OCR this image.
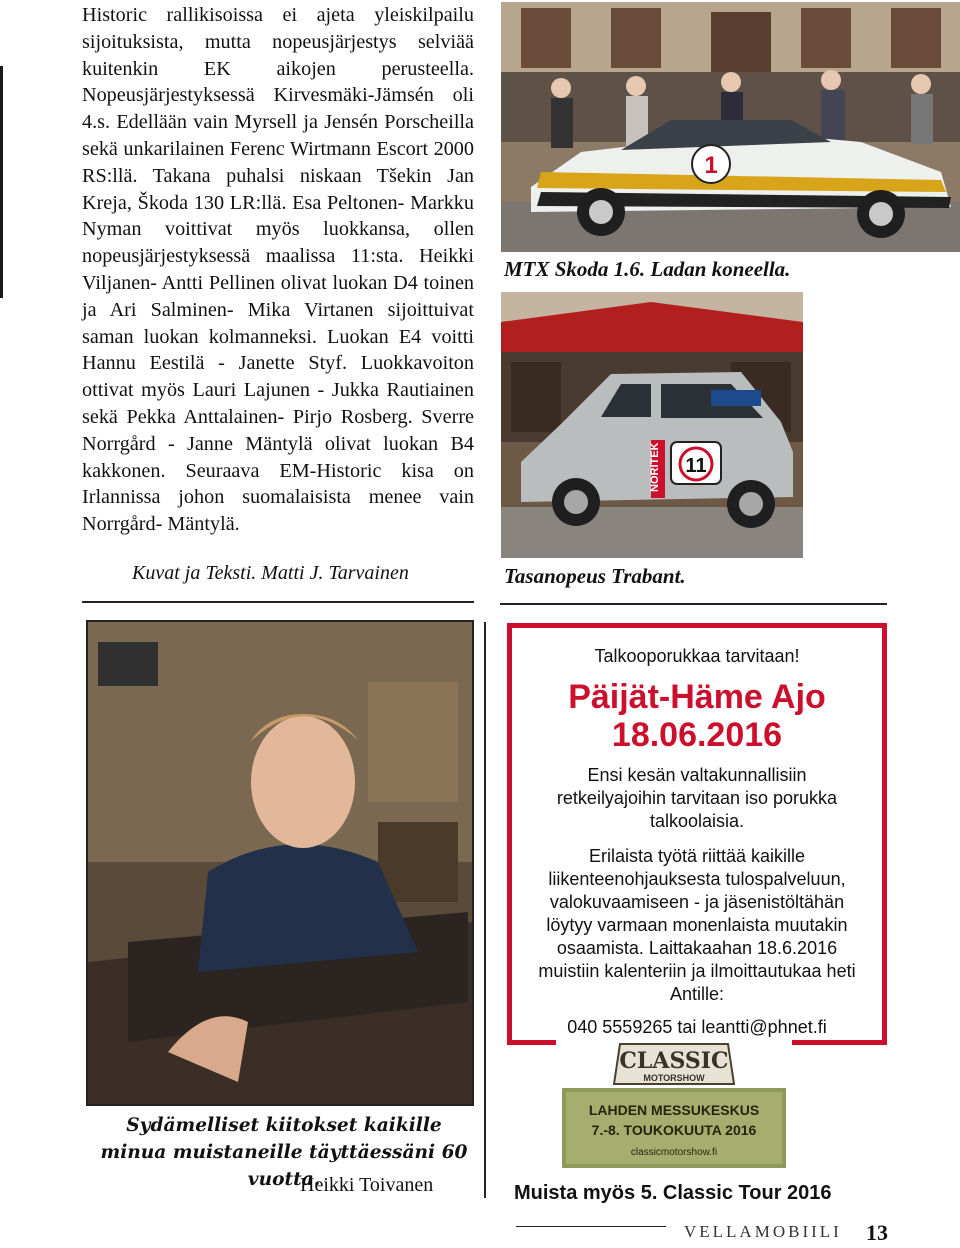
Historic rallikisoissa ei ajeta yleiskilpailu sijoituksista, mutta nopeusjärjestys selviää kuitenkin EK aikojen perusteella. Nopeusjärjestyksessä Kirvesmäki-Jämsén oli 4.s. Edellään vain Myrsell ja Jensén Porscheilla sekä unkarilainen Ferenc Wirtmann Escort 2000 RS:llä. Takana puhalsi niskaan Tšekin Jan Kreja, Škoda 130 LR:llä. Esa Peltonen- Markku Nyman voittivat myös luokkansa, ollen nopeusjärjestyksessä maalissa 11:sta. Heikki Viljanen- Antti Pellinen olivat luokan D4 toinen ja Ari Salminen- Mika Virtanen sijoittuivat saman luokan kolmanneksi. Luokan E4 voitti Hannu Eestilä - Janette Styf. Luokkavoiton ottivat myös Lauri Lajunen - Jukka Rautiainen sekä Pekka Anttalainen- Pirjo Rosberg. Sverre Norrgård - Janne Mäntylä olivat luokan B4 kakkonen. Seuraava EM-Historic kisa on Irlannissa johon suomalaisista menee vain Norrgård- Mäntylä.

Kuvat ja Teksti. Matti J. Tarvainen
1
MTX Skoda 1.6. Ladan koneella.
11
NORITEK
Tasanopeus Trabant.
Talkooporukkaa tarvitaan!
Päijät-Häme Ajo
18.06.2016
Ensi kesän valtakunnallisiin retkeilyajoihin tarvitaan iso porukka talkoolaisia.
Erilaista työtä riittää kaikille liikenteenohjauksesta tulospalveluun, valokuvaamiseen - ja jäsenistöltähän löytyy varmaan monenlaista muutakin osaamista. Laittakaahan 18.6.2016 muistiin kalenteriin ja ilmoittautukaa heti Antille:
040 5559265 tai leantti@phnet.fi
CLASSIC
MOTORSHOW
LAHDEN MESSUKESKUS
7.-8. TOUKOKUUTA 2016
classicmotorshow.fi
Sydämelliset kiitokset kaikille minua muistaneille täyttäessäni 60 vuotta.
Heikki Toivanen	Muista myös 5. Classic Tour 2016
VELLAMOBIILI 13
